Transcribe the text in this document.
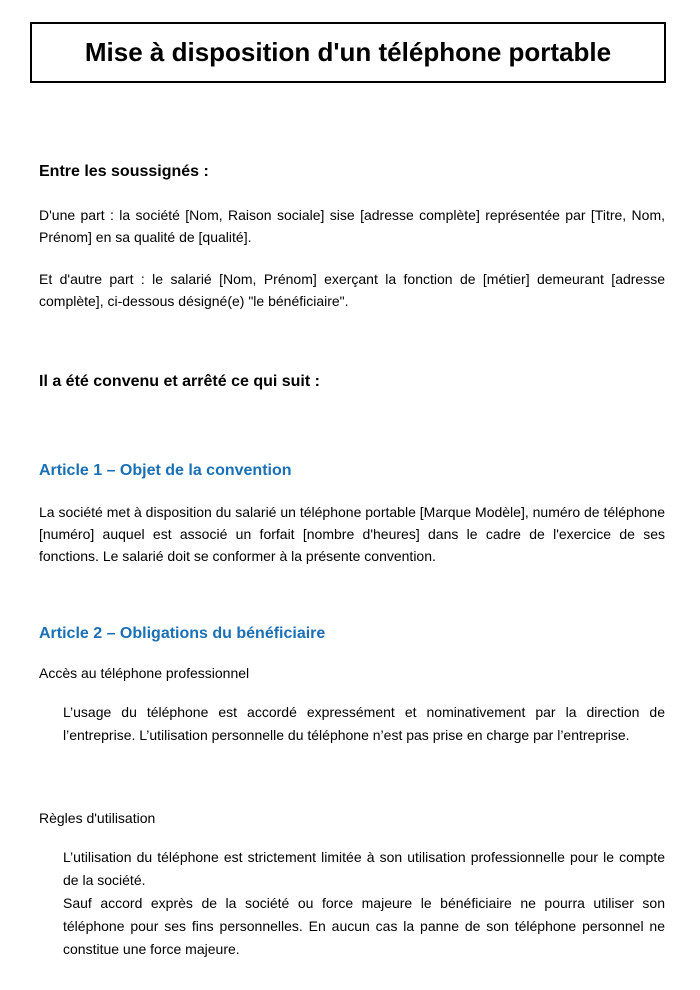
Mise à disposition d'un téléphone portable
Entre les soussignés :

D'une part : la société [Nom, Raison sociale] sise [adresse complète] représentée par [Titre, Nom, Prénom] en sa qualité de [qualité].

Et d'autre part : le salarié [Nom, Prénom] exerçant la fonction de [métier] demeurant [adresse complète], ci-dessous désigné(e) "le bénéficiaire".

Il a été convenu et arrêté ce qui suit :
Article 1 – Objet de la convention

La société met à disposition du salarié un téléphone portable [Marque Modèle], numéro de téléphone [numéro] auquel est associé un forfait [nombre d'heures] dans le cadre de l'exercice de ses fonctions. Le salarié doit se conformer à la présente convention.

Article 2 – Obligations du bénéficiaire
Accès au téléphone professionnel

L’usage du téléphone est accordé expressément et nominativement par la direction de l’entreprise. L’utilisation personnelle du téléphone n’est pas prise en charge par l’entreprise.

Règles d'utilisation

L’utilisation du téléphone est strictement limitée à son utilisation professionnelle pour le compte de la société.

Sauf accord exprès de la société ou force majeure le bénéficiaire ne pourra utiliser son téléphone pour ses fins personnelles. En aucun cas la panne de son téléphone personnel ne constitue une force majeure.
